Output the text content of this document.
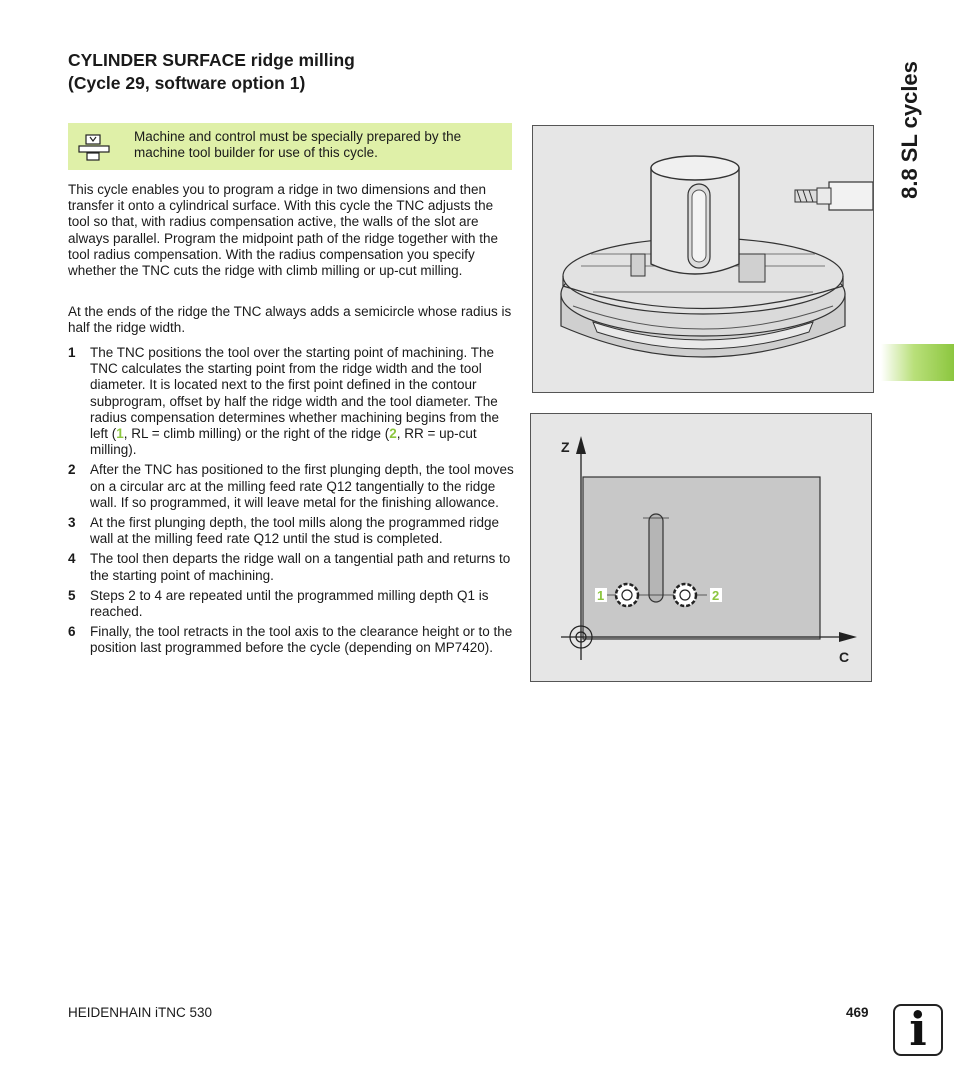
CYLINDER SURFACE ridge milling
(Cycle 29, software option 1)
Machine and control must be specially prepared by the machine tool builder for use of this cycle.

This cycle enables you to program a ridge in two dimensions and then transfer it onto a cylindrical surface. With this cycle the TNC adjusts the tool so that, with radius compensation active, the walls of the slot are always parallel. Program the midpoint path of the ridge together with the tool radius compensation. With the radius compensation you specify whether the TNC cuts the ridge with climb milling or up-cut milling.

At the ends of the ridge the TNC always adds a semicircle whose radius is half the ridge width.

1 The TNC positions the tool over the starting point of machining. The TNC calculates the starting point from the ridge width and the tool diameter. It is located next to the first point defined in the contour subprogram, offset by half the ridge width and the tool diameter. The radius compensation determines whether machining begins from the left (1, RL = climb milling) or the right of the ridge (2, RR = up-cut milling).
2 After the TNC has positioned to the first plunging depth, the tool moves on a circular arc at the milling feed rate Q12 tangentially to the ridge wall. If so programmed, it will leave metal for the finishing allowance.
3 At the first plunging depth, the tool mills along the programmed ridge wall at the milling feed rate Q12 until the stud is completed.
4 The tool then departs the ridge wall on a tangential path and returns to the starting point of machining.
5 Steps 2 to 4 are repeated until the programmed milling depth Q1 is reached.
6 Finally, the tool retracts in the tool axis to the clearance height or to the position last programmed before the cycle (depending on MP7420).
Z
C
1	2
8.8 SL cycles
HEIDENHAIN iTNC 530	469 i
